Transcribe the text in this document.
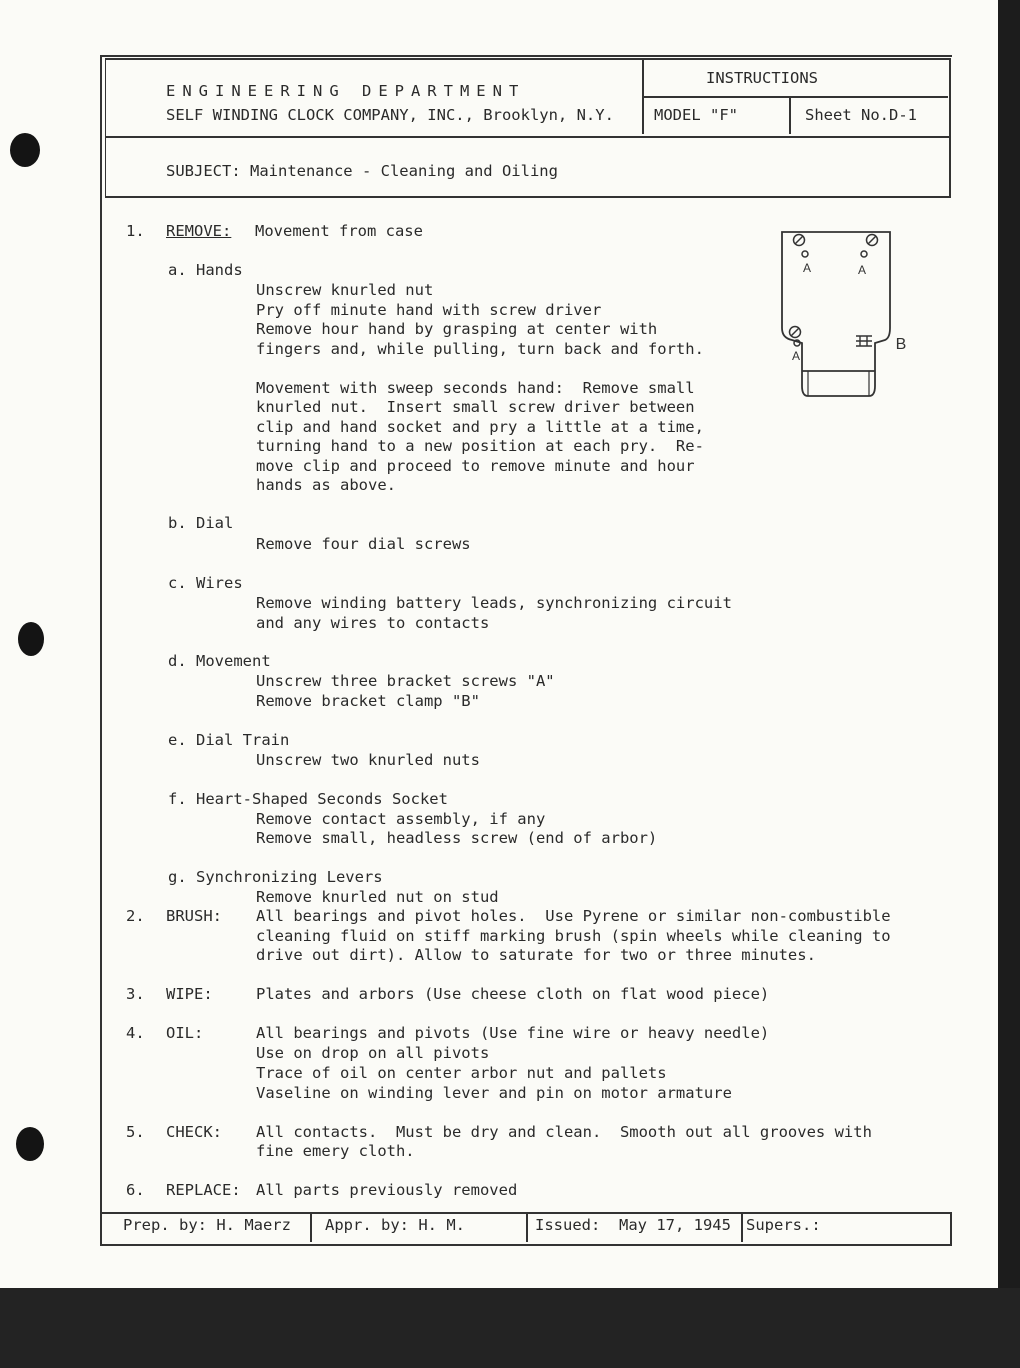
ENGINEERING DEPARTMENT
SELF WINDING CLOCK COMPANY, INC., Brooklyn, N.Y.
INSTRUCTIONS
MODEL "F"	Sheet No.D-1
SUBJECT: Maintenance - Cleaning and Oiling
1. REMOVE: Movement from case
a. Hands
Unscrew knurled nut
Pry off minute hand with screw driver
Remove hour hand by grasping at center with
fingers and, while pulling, turn back and forth.
Movement with sweep seconds hand:  Remove small
knurled nut.  Insert small screw driver between
clip and hand socket and pry a little at a time,
turning hand to a new position at each pry.  Re-
move clip and proceed to remove minute and hour
hands as above.
b. Dial
Remove four dial screws
c. Wires
Remove winding battery leads, synchronizing circuit
and any wires to contacts
d. Movement
Unscrew three bracket screws "A"
Remove bracket clamp "B"
e. Dial Train
Unscrew two knurled nuts
f. Heart-Shaped Seconds Socket
Remove contact assembly, if any
Remove small, headless screw (end of arbor)
g. Synchronizing Levers
Remove knurled nut on stud
2. BRUSH: All bearings and pivot holes.  Use Pyrene or similar non-combustible
cleaning fluid on stiff marking brush (spin wheels while cleaning to
drive out dirt). Allow to saturate for two or three minutes.
3. WIPE:	Plates and arbors (Use cheese cloth on flat wood piece)
4. OIL:	All bearings and pivots (Use fine wire or heavy needle)
Use on drop on all pivots
Trace of oil on center arbor nut and pallets
Vaseline on winding lever and pin on motor armature
5. CHECK: All contacts.  Must be dry and clean.  Smooth out all grooves with
fine emery cloth.
6. REPLACE: All parts previously removed
A	A
A
B
Prep. by: H. Maerz Appr. by: H. M.	Issued:  May 17, 1945 Supers.:
